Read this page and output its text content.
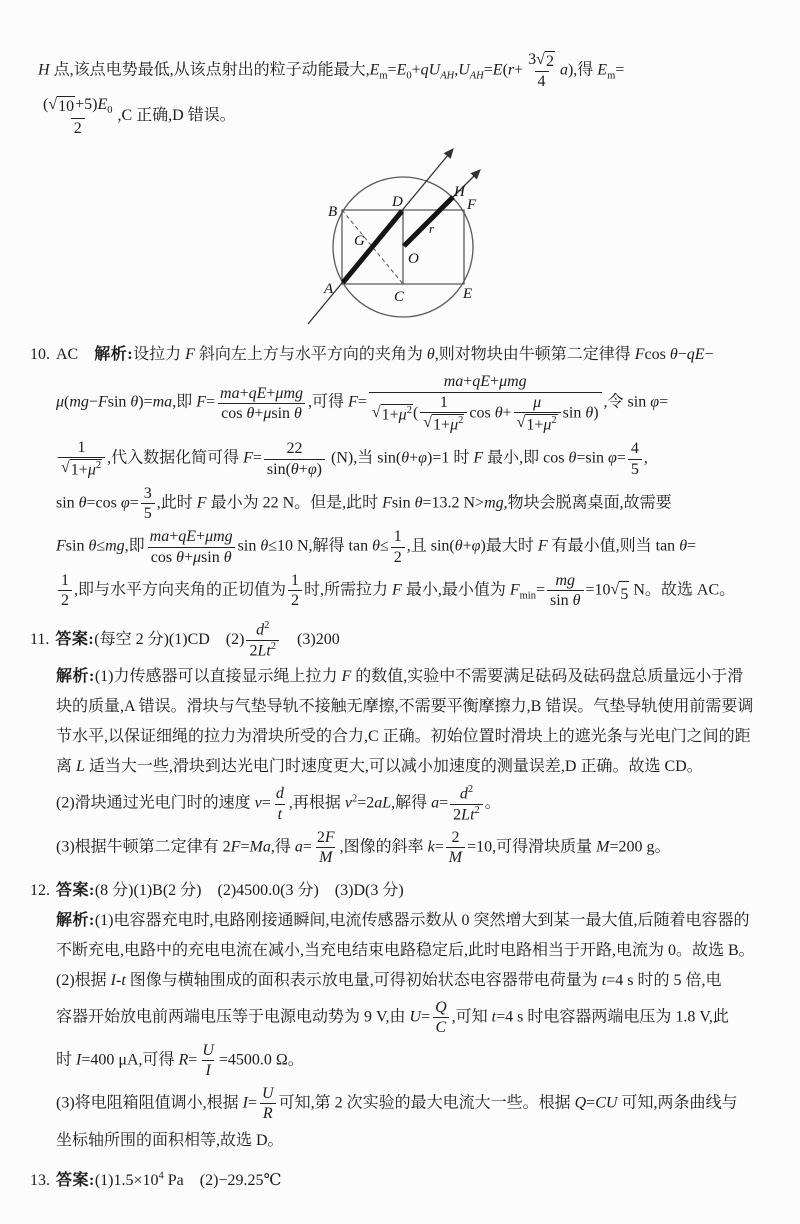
H 点,该点电势最低,从该点射出的粒子动能最大$,E_m=E_0+qU_{AH},U_{AH}=E(r+ \frac{3 √ 2}{4} a)$,得 $E_m=$
$\frac{( √ 10 +5)E_0}{2} ,C$ 正确,D 错误。
B
D
H
F
G
O
r
A	C	E
10. AC　解析:设拉力 F 斜向左上方与水平方向的夹角为 θ,则对物块由牛顿第二定律得 Fcos θ−qE−
μ(mg−Fsin θ)=ma,即 F=
ma+qE+μmg
cos θ+μsin θ
,可得 F=
ma+qE+μmg
√ $1+\mu^2$ ( $\frac{1}{√ 1+\mu^2}$ $\cos \theta+ \frac{\mu}{√ 1+\mu^2}$ sin θ)
,令 sin φ=
$\frac{1}{√ 1+\mu^2}$ ,代入数据化简可得 $F= \frac{22}{\sin(\theta+\varphi)} (N)$,当 sin(θ+φ)=1 时 F 最小,即 cos θ=sin $\varphi= \frac{4}{5}$ ,
sin θ=cos $\varphi= \frac{3}{5}$ ,此时 F 最小为 22 N。但是,此时 Fsin θ=13.2 N>mg,物块会脱离桌面,故需要
Fsin θ≤mg,即
ma+qE+μmg
cos θ+μsin θ
sin θ≤10 N,解得 $\tan \theta\le \frac{1}{2}$ ,且 sin(θ+φ)最大时 F 有最小值,则当 tan θ=
$\frac{1}{2}$ ,即与水平方向夹角的正切值为 $\frac{1}{2}$ 时,所需拉力 F 最小,最小值为 $F_{min}= \frac{mg}{\text{sin θ}} =10$ √ 5 N。故选 AC。
11. 答案:(每空 2 分)(1)CD　$(2) \frac{d^2}{2Lt^2}$ 　(3)200
解析:(1)力传感器可以直接显示绳上拉力 F 的数值,实验中不需要满足砝码及砝码盘总质量远小于滑
块的质量,A 错误。滑块与气垫导轨不接触无摩擦,不需要平衡摩擦力,B 错误。气垫导轨使用前需要调
节水平,以保证细绳的拉力为滑块所受的合力,C 正确。初始位置时滑块上的遮光条与光电门之间的距
离 L 适当大一些,滑块到达光电门时速度更大,可以减小加速度的测量误差,D 正确。故选 CD。
(2)滑块通过光电门时的速度 $v= \frac{d}{t}$ ,再根据 $v^2=2aL$,解得 $a= \frac{d^2}{2Lt^2}$ 。
(3)根据牛顿第二定律有 2F=Ma,得 $a= \frac{2F}{M}$ ,图像的斜率 $k= \frac{2}{M} =10$,可得滑块质量 M=200 g。
12. 答案:(8 分)(1)B(2 分)　(2)4500.0(3 分)　(3)D(3 分)
解析:(1)电容器充电时,电路刚接通瞬间,电流传感器示数从 0 突然增大到某一最大值,后随着电容器的
不断充电,电路中的充电电流在减小,当充电结束电路稳定后,此时电路相当于开路,电流为 0。故选 B。
(2)根据 I-t 图像与横轴围成的面积表示放电量,可得初始状态电容器带电荷量为 t=4 s 时的 5 倍,电
容器开始放电前两端电压等于电源电动势为 9 V,由 $U= \frac{Q}{C}$ ,可知 t=4 s 时电容器两端电压为 1.8 V,此
时 I=400 μA,可得 $R= \frac{U}{I} =4500.0$ Ω。
(3)将电阻箱阻值调小,根据 $I= \frac{U}{R}$ 可知,第 2 次实验的最大电流大一些。根据 Q=CU 可知,两条曲线与
坐标轴所围的面积相等,故选 D。
13. 答案$:(1)1.5\times 10^4$ Pa　(2)−29.25℃
